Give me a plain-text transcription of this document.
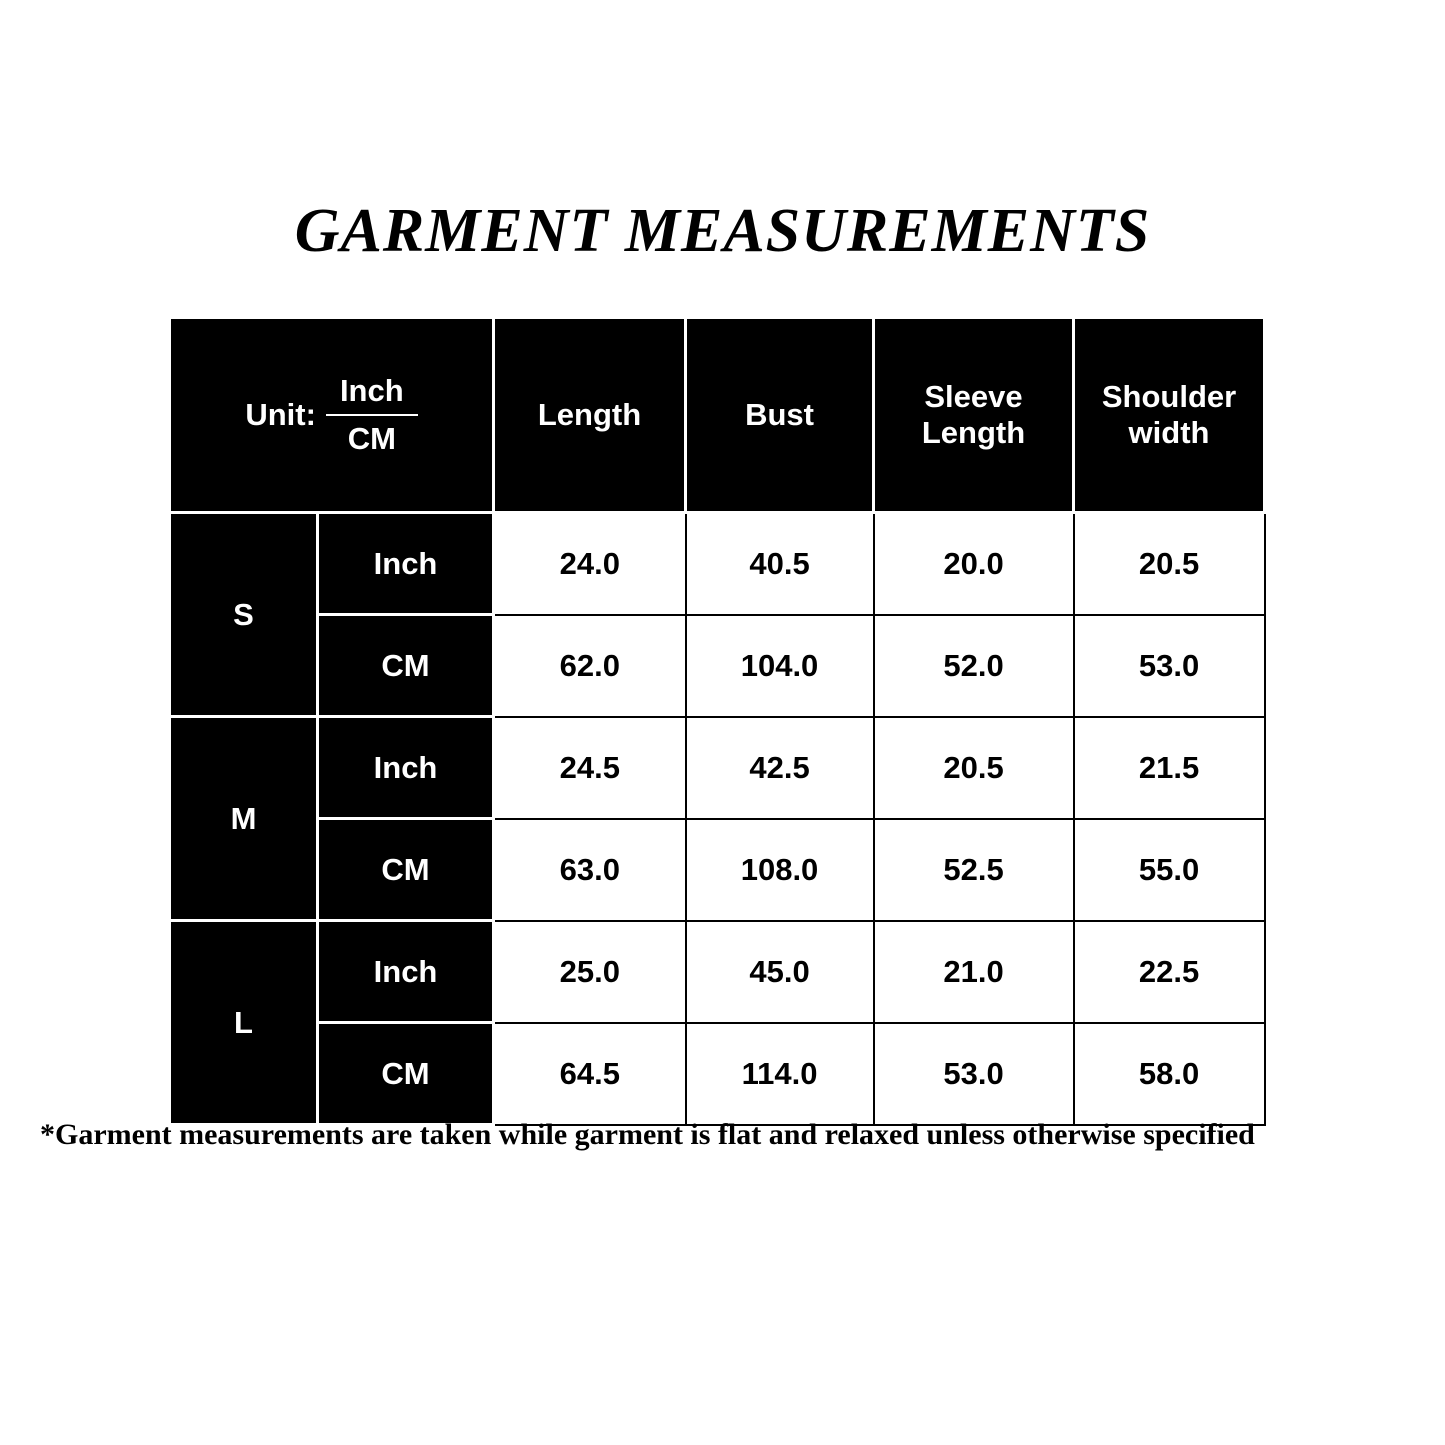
GARMENT MEASUREMENTS
Unit: $\frac{\text{Inch}}{CM}$		Length	Bust	Sleeve Length	Shoulder width
S	Inch	24.0	40.5	20.0	20.5
	CM	62.0	104.0	52.0	53.0
M	Inch	24.5	42.5	20.5	21.5
	CM	63.0	108.0	52.5	55.0
L	Inch	25.0	45.0	21.0	22.5
	CM	64.5	114.0	53.0	58.0
*Garment measurements are taken while garment is flat and relaxed unless otherwise specified
